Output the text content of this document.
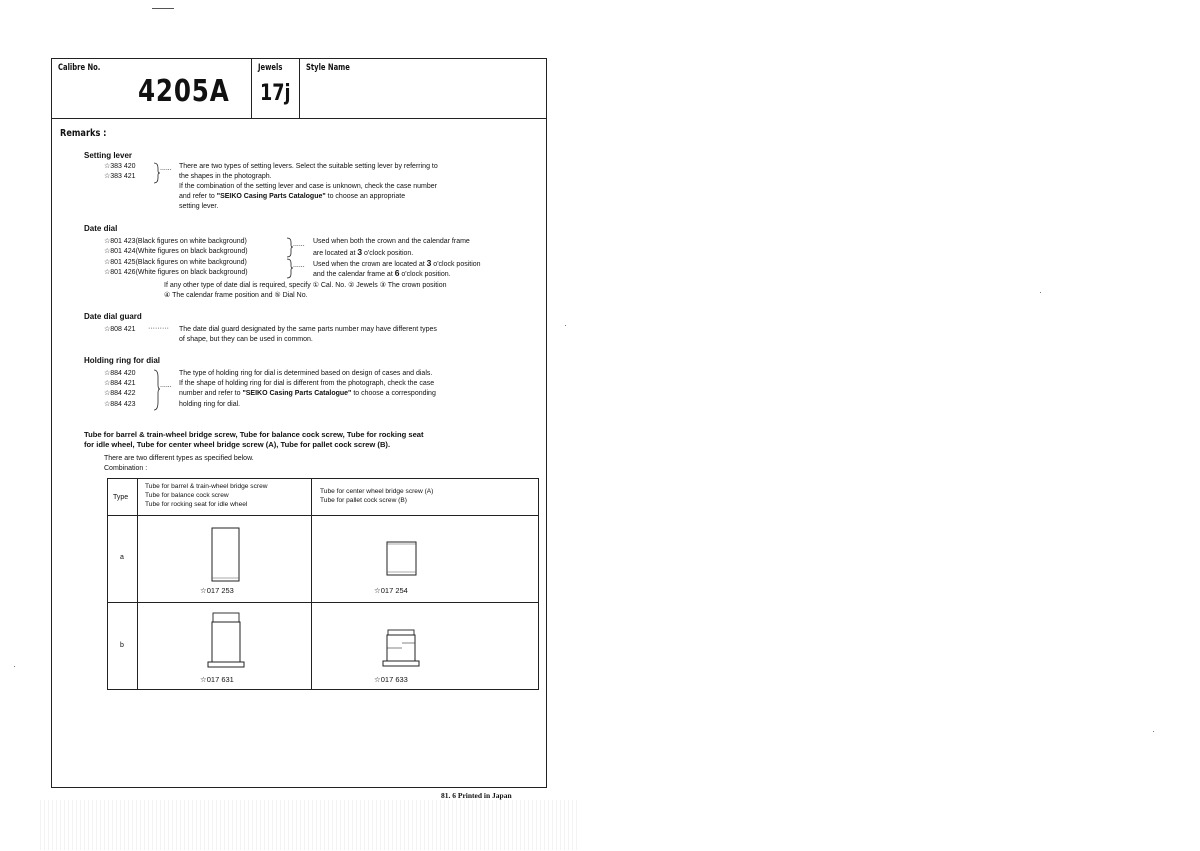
Calibre No.
4205A
Jewels
17j
Style Name
Remarks :
Setting lever
☆383 420
☆383 421
...... There are two types of setting levers. Select the suitable setting lever by referring to
the shapes in the photograph.
If the combination of the setting lever and case is unknown, check the case number
and refer to "SEIKO Casing Parts Catalogue" to choose an appropriate
setting lever.
Date dial
☆801 423(Black figures on white background)
☆801 424(White figures on black background)
☆801 425(Black figures on white background)
☆801 426(White figures on black background)
......
......
Used when both the crown and the calendar frame
are located at 3 o'clock position.
Used when the crown are located at 3 o'clock position
and the calendar frame at 6 o'clock position.
If any other type of date dial is required, specify ① Cal. No. ② Jewels ③ The crown position
④ The calendar frame position and ⑤ Dial No.
Date dial guard
☆808 421 ········· The date dial guard designated by the same parts number may have different types
of shape, but they can be used in common.
Holding ring for dial
☆884 420
☆884 421
☆884 422
☆884 423
......
The type of holding ring for dial is determined based on design of cases and dials.
If the shape of holding ring for dial is different from the photograph, check the case
number and refer to "SEIKO Casing Parts Catalogue" to choose a corresponding
holding ring for dial.
Tube for barrel & train-wheel bridge screw, Tube for balance cock screw, Tube for rocking seat
for idle wheel, Tube for center wheel bridge screw (A), Tube for pallet cock screw (B).
There are two different types as specified below.
Combination :
Type
Tube for barrel & train-wheel bridge screw
Tube for balance cock screw
Tube for rocking seat for idle wheel
Tube for center wheel bridge screw (A)
Tube for pallet cock screw (B)
a
☆017 253	☆017 254
b
☆017 631	☆017 633
81. 6 Printed in Japan
